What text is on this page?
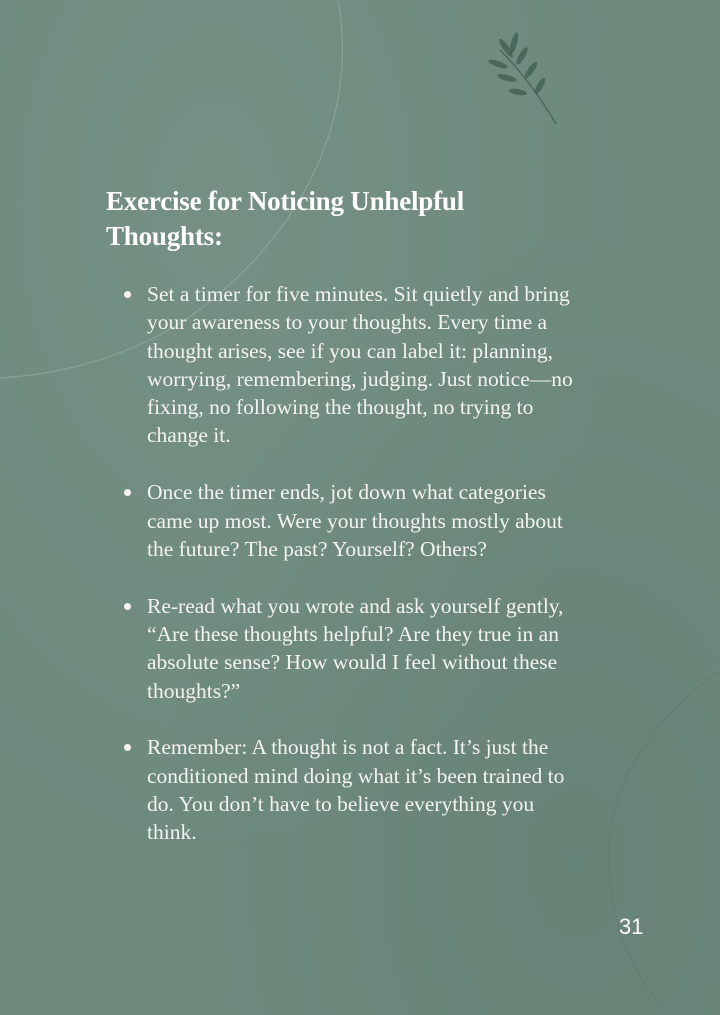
Exercise for Noticing Unhelpful Thoughts:
Set a timer for five minutes. Sit quietly and bring your awareness to your thoughts. Every time a thought arises, see if you can label it: planning, worrying, remembering, judging. Just notice—no fixing, no following the thought, no trying to change it.
Once the timer ends, jot down what categories came up most. Were your thoughts mostly about the future? The past? Yourself? Others?
Re-read what you wrote and ask yourself gently, “Are these thoughts helpful? Are they true in an absolute sense? How would I feel without these thoughts?”
Remember: A thought is not a fact. It’s just the conditioned mind doing what it’s been trained to do. You don’t have to believe everything you think.
31
